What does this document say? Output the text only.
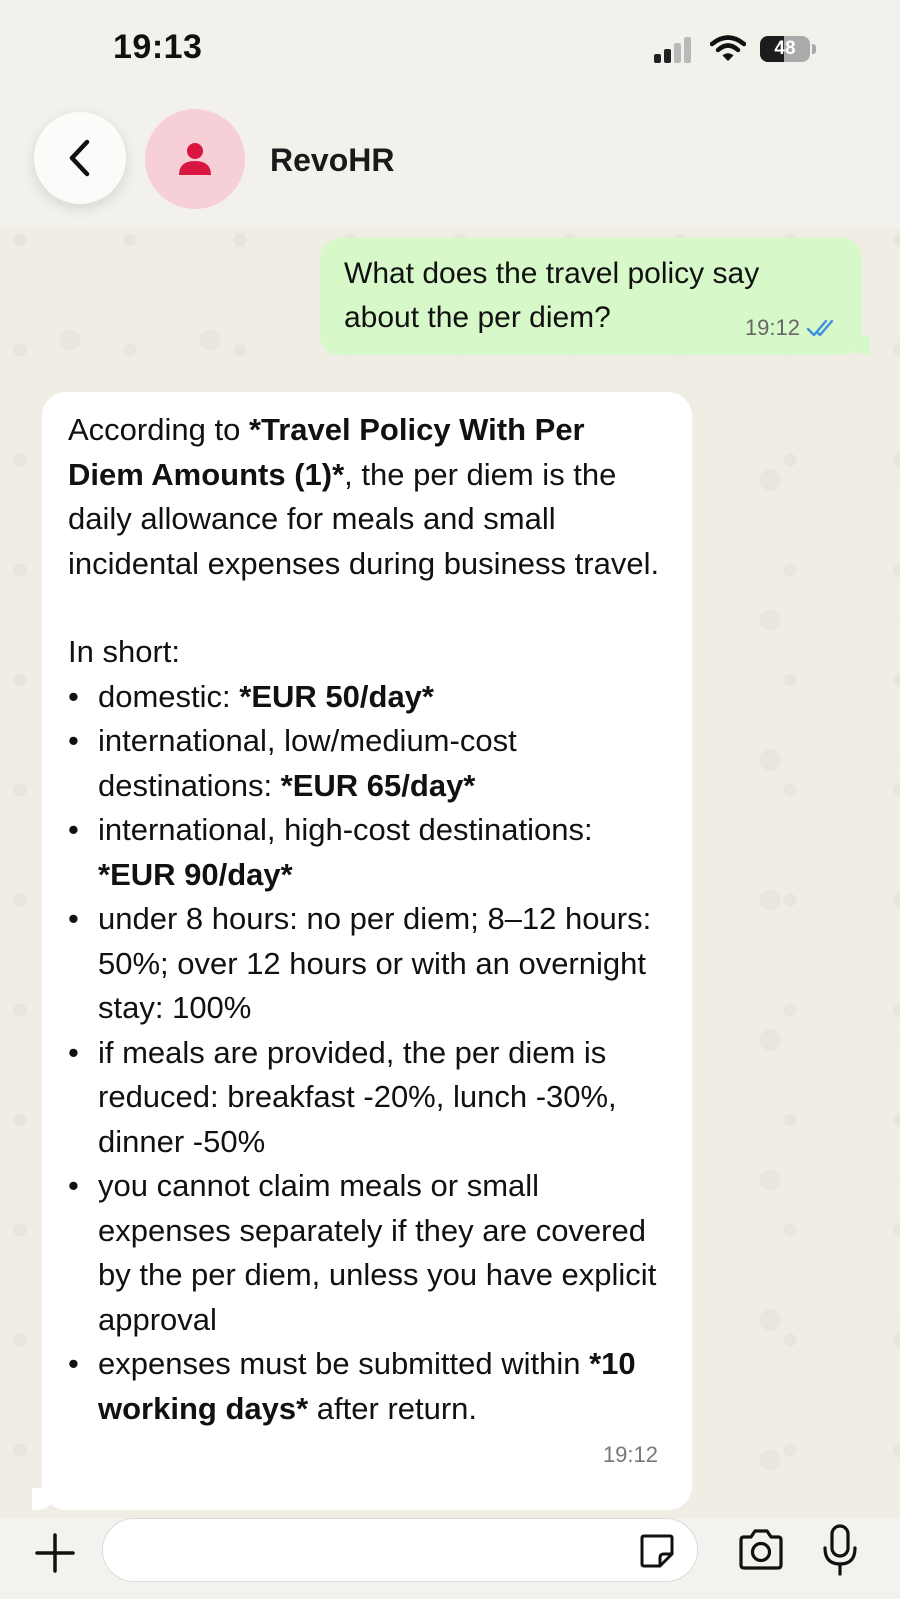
19:13	48
RevoHR
What does the travel policy say about the per diem?	19:12

According to *Travel Policy With Per Diem Amounts (1)*, the per diem is the daily allowance for meals and small incidental expenses during business travel.

In short:

• domestic: *EUR 50/day*
• international, low/medium-cost destinations: *EUR 65/day*
• international, high-cost destinations: *EUR 90/day*
• under 8 hours: no per diem; 8–12 hours: 50%; over 12 hours or with an overnight stay: 100%
• if meals are provided, the per diem is reduced: breakfast -20%, lunch -30%, dinner -50%
• you cannot claim meals or small expenses separately if they are covered by the per diem, unless you have explicit approval
• expenses must be submitted within *10 working days* after return.
19:12
